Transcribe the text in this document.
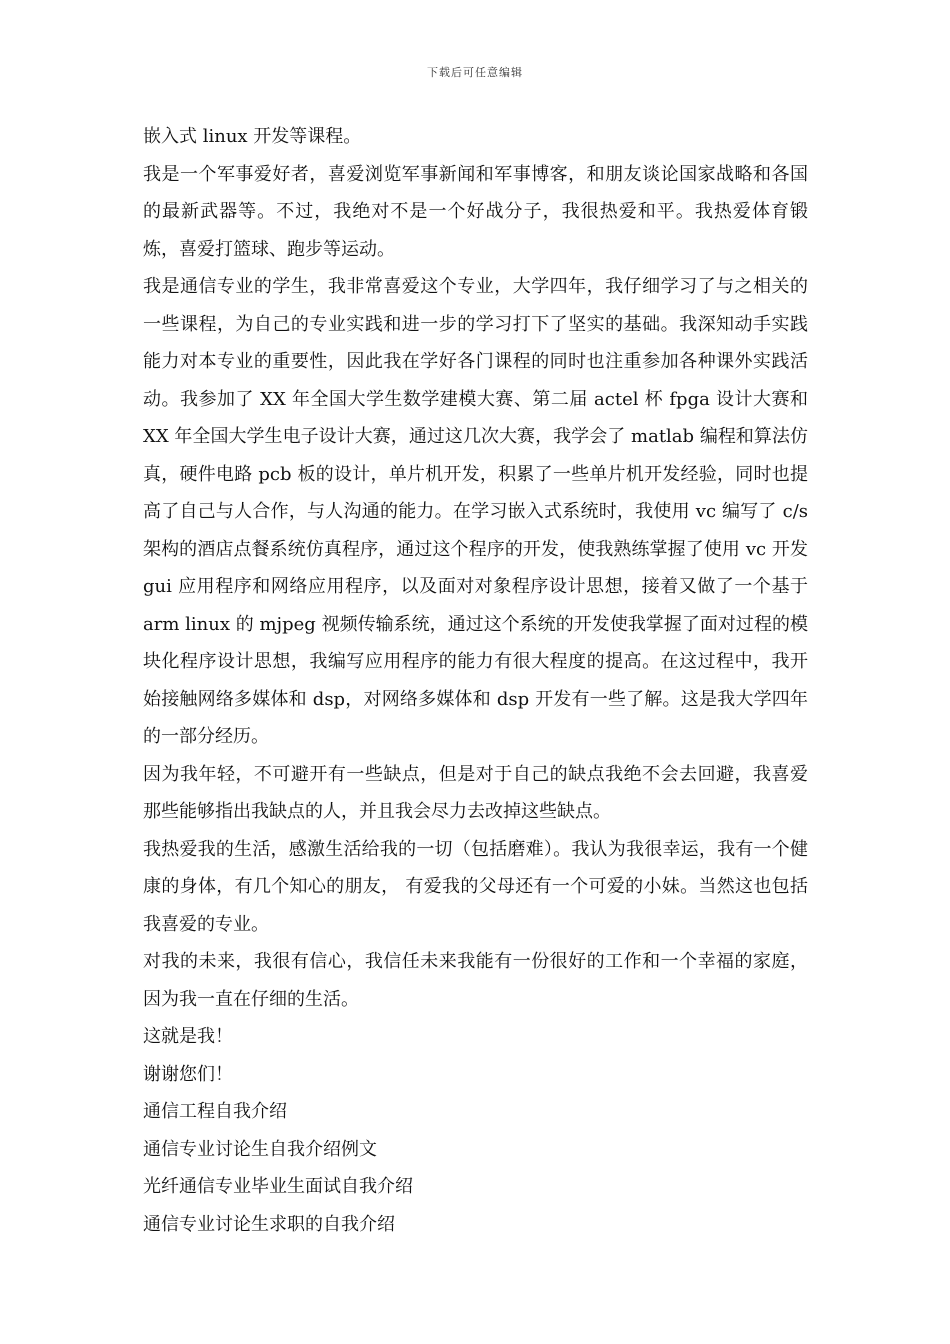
下载后可任意编辑

嵌入式 linux 开发等课程。

我是一个军事爱好者，喜爱浏览军事新闻和军事博客，和朋友谈论国家战略和各国的最新武器等。不过，我绝对不是一个好战分子，我很热爱和平。我热爱体育锻炼，喜爱打篮球、跑步等运动。

我是通信专业的学生，我非常喜爱这个专业，大学四年，我仔细学习了与之相关的一些课程，为自己的专业实践和进一步的学习打下了坚实的基础。我深知动手实践能力对本专业的重要性，因此我在学好各门课程的同时也注重参加各种课外实践活动。我参加了 XX 年全国大学生数学建模大赛、第二届 actel 杯 fpga 设计大赛和 XX 年全国大学生电子设计大赛，通过这几次大赛，我学会了 matlab 编程和算法仿真，硬件电路 pcb 板的设计，单片机开发，积累了一些单片机开发经验，同时也提高了自己与人合作，与人沟通的能力。在学习嵌入式系统时，我使用 vc 编写了 c/s 架构的酒店点餐系统仿真程序，通过这个程序的开发，使我熟练掌握了使用 vc 开发 gui 应用程序和网络应用程序，以及面对对象程序设计思想，接着又做了一个基于 arm linux 的 mjpeg 视频传输系统，通过这个系统的开发使我掌握了面对过程的模块化程序设计思想，我编写应用程序的能力有很大程度的提高。在这过程中，我开始接触网络多媒体和 dsp，对网络多媒体和 dsp 开发有一些了解。这是我大学四年的一部分经历。

因为我年轻，不可避开有一些缺点，但是对于自己的缺点我绝不会去回避，我喜爱那些能够指出我缺点的人，并且我会尽力去改掉这些缺点。

我热爱我的生活，感激生活给我的一切（包括磨难）。我认为我很幸运，我有一个健康的身体，有几个知心的朋友， 有爱我的父母还有一个可爱的小妹。当然这也包括我喜爱的专业。

对我的未来，我很有信心，我信任未来我能有一份很好的工作和一个幸福的家庭，因为我一直在仔细的生活。

这就是我！

谢谢您们！

通信工程自我介绍

通信专业讨论生自我介绍例文

光纤通信专业毕业生面试自我介绍

通信专业讨论生求职的自我介绍
